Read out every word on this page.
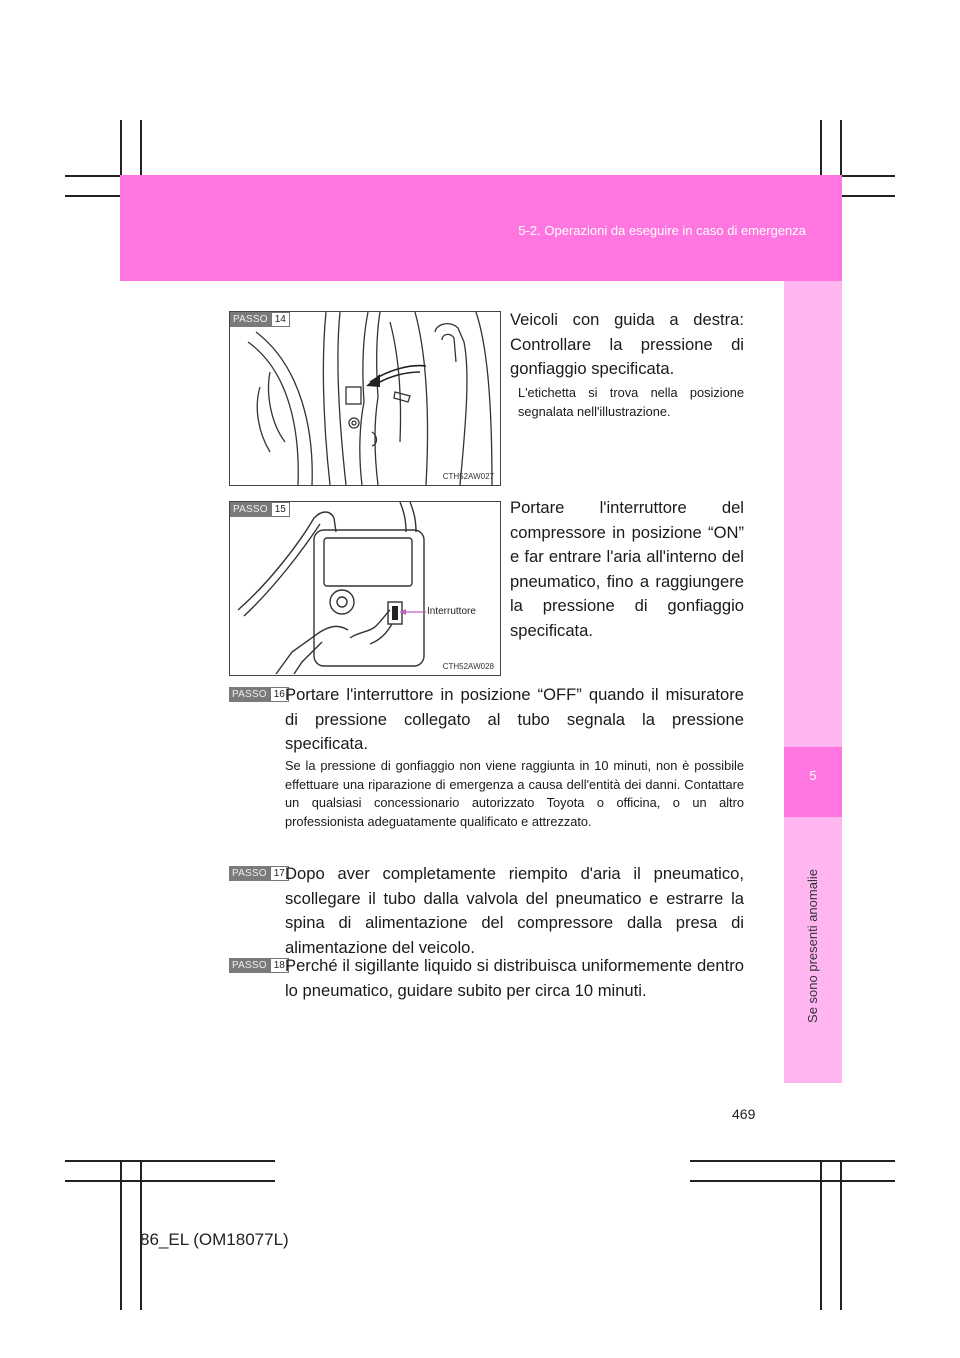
5-2. Operazioni da eseguire in caso di emergenza
5
Se sono presenti anomalie
PASSO 14
CTH52AW027
Veicoli con guida a destra: Controllare la pressione di gonfiaggio specificata.
L'etichetta si trova nella posizione segnalata nell'illustrazione.
PASSO 15
Interruttore
CTH52AW028
Portare l'interruttore del compressore in posizione “ON” e far entrare l'aria all'interno del pneumatico, fino a raggiungere la pressione di gonfiaggio specificata.
PASSO 16 Portare l'interruttore in posizione “OFF” quando il misuratore di pressione collegato al tubo segnala la pressione specificata.
Se la pressione di gonfiaggio non viene raggiunta in 10 minuti, non è possibile effettuare una riparazione di emergenza a causa dell'entità dei danni. Contattare un qualsiasi concessionario autorizzato Toyota o officina, o un altro professionista adeguatamente qualificato e attrezzato.
PASSO 17 Dopo aver completamente riempito d'aria il pneumatico, scollegare il tubo dalla valvola del pneumatico e estrarre la spina di alimentazione del compressore dalla presa di alimentazione del veicolo.
PASSO 18 Perché il sigillante liquido si distribuisca uniformemente dentro lo pneumatico, guidare subito per circa 10 minuti.
469
86_EL (OM18077L)
